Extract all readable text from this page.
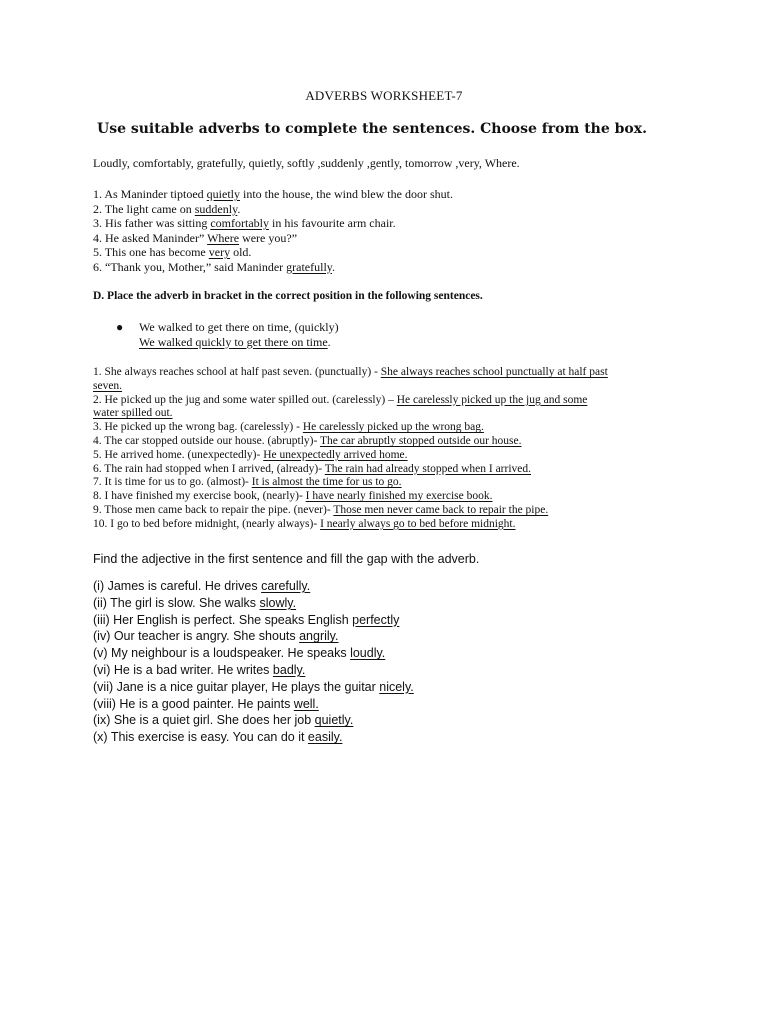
ADVERBS WORKSHEET-7
Use suitable adverbs to complete the sentences. Choose from the box.
Loudly, comfortably, gratefully, quietly, softly ,suddenly ,gently, tomorrow ,very, Where.
1. As Maninder tiptoed quietly into the house, the wind blew the door shut.
2. The light came on suddenly.
3. His father was sitting comfortably in his favourite arm chair.
4. He asked Maninder” Where were you?”
5. This one has become very old.
6. “Thank you, Mother,” said Maninder gratefully.
D. Place the adverb in bracket in the correct position in the following sentences.
● We walked to get there on time, (quickly)
We walked quickly to get there on time.
1. She always reaches school at half past seven. (punctually) - She always reaches school punctually at half past
seven.
2. He picked up the jug and some water spilled out. (carelessly) – He carelessly picked up the jug and some
water spilled out.
3. He picked up the wrong bag. (carelessly) - He carelessly picked up the wrong bag.
4. The car stopped outside our house. (abruptly)- The car abruptly stopped outside our house.
5. He arrived home. (unexpectedly)- He unexpectedly arrived home.
6. The rain had stopped when I arrived, (already)- The rain had already stopped when I arrived.
7. It is time for us to go. (almost)- It is almost the time for us to go.
8. I have finished my exercise book, (nearly)- I have nearly finished my exercise book.
9. Those men came back to repair the pipe. (never)- Those men never came back to repair the pipe.
10. I go to bed before midnight, (nearly always)- I nearly always go to bed before midnight.
Find the adjective in the first sentence and fill the gap with the adverb.
(i) James is careful. He drives carefully.
(ii) The girl is slow. She walks slowly.
(iii) Her English is perfect. She speaks English perfectly
(iv) Our teacher is angry. She shouts angrily.
(v) My neighbour is a loudspeaker. He speaks loudly.
(vi) He is a bad writer. He writes badly.
(vii) Jane is a nice guitar player, He plays the guitar nicely.
(viii) He is a good painter. He paints well.
(ix) She is a quiet girl. She does her job quietly.
(x) This exercise is easy. You can do it easily.
